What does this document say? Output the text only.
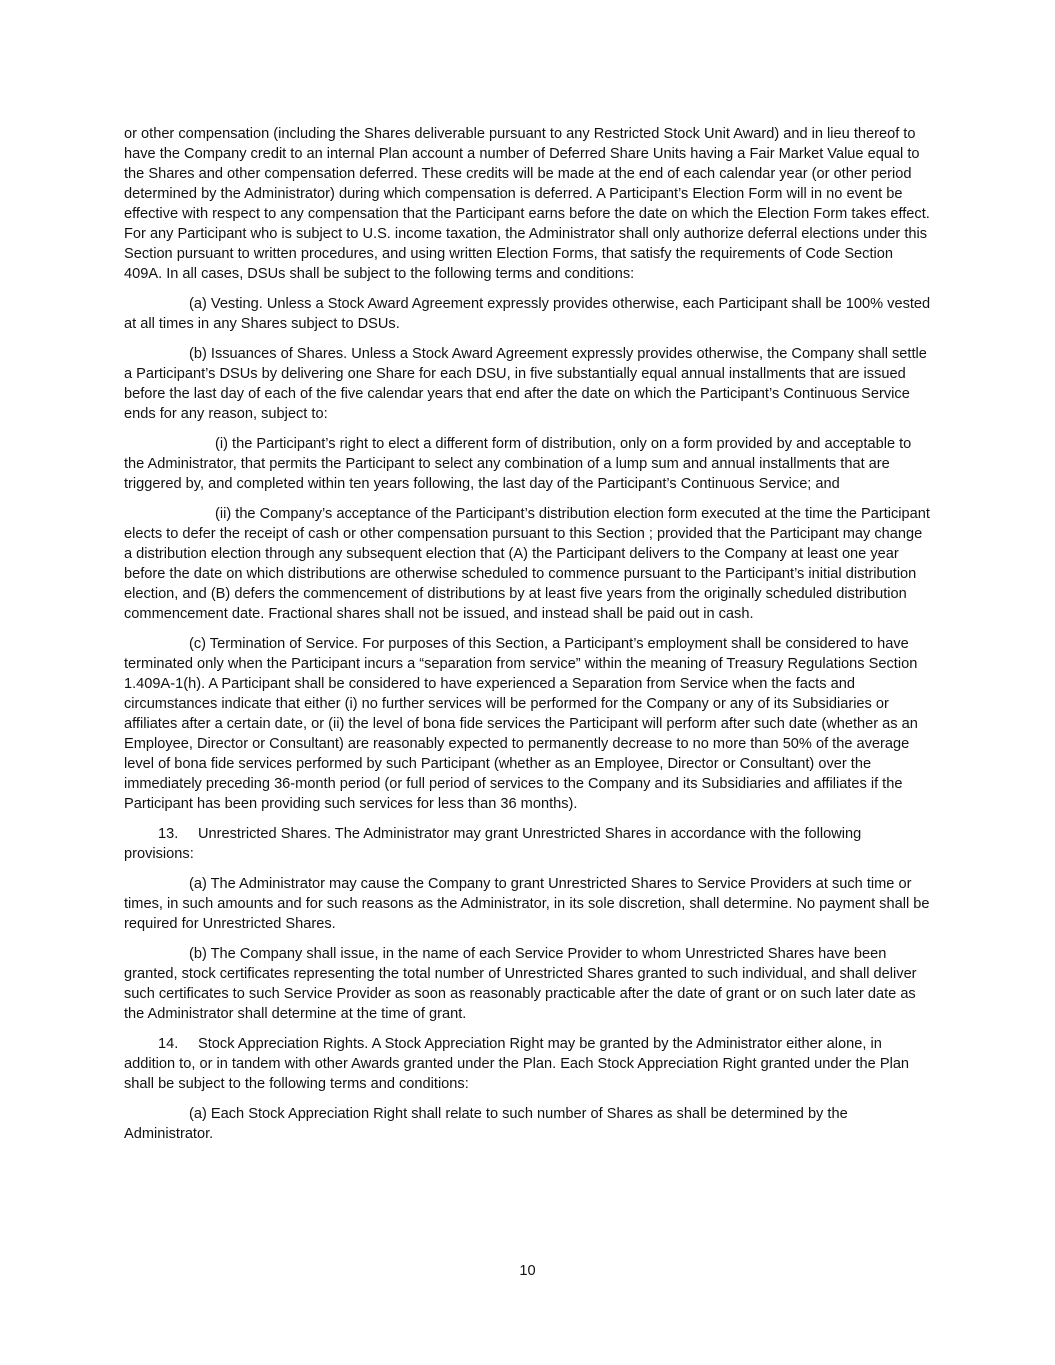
or other compensation (including the Shares deliverable pursuant to any Restricted Stock Unit Award) and in lieu thereof to have the Company credit to an internal Plan account a number of Deferred Share Units having a Fair Market Value equal to the Shares and other compensation deferred. These credits will be made at the end of each calendar year (or other period determined by the Administrator) during which compensation is deferred. A Participant’s Election Form will in no event be effective with respect to any compensation that the Participant earns before the date on which the Election Form takes effect. For any Participant who is subject to U.S. income taxation, the Administrator shall only authorize deferral elections under this Section pursuant to written procedures, and using written Election Forms, that satisfy the requirements of Code Section 409A. In all cases, DSUs shall be subject to the following terms and conditions:

(a) Vesting. Unless a Stock Award Agreement expressly provides otherwise, each Participant shall be 100% vested at all times in any Shares subject to DSUs.

(b) Issuances of Shares. Unless a Stock Award Agreement expressly provides otherwise, the Company shall settle a Participant’s DSUs by delivering one Share for each DSU, in five substantially equal annual installments that are issued before the last day of each of the five calendar years that end after the date on which the Participant’s Continuous Service ends for any reason, subject to:

(i) the Participant’s right to elect a different form of distribution, only on a form provided by and acceptable to the Administrator, that permits the Participant to select any combination of a lump sum and annual installments that are triggered by, and completed within ten years following, the last day of the Participant’s Continuous Service; and

(ii) the Company’s acceptance of the Participant’s distribution election form executed at the time the Participant elects to defer the receipt of cash or other compensation pursuant to this Section ; provided that the Participant may change a distribution election through any subsequent election that (A) the Participant delivers to the Company at least one year before the date on which distributions are otherwise scheduled to commence pursuant to the Participant’s initial distribution election, and (B) defers the commencement of distributions by at least five years from the originally scheduled distribution commencement date. Fractional shares shall not be issued, and instead shall be paid out in cash.

(c) Termination of Service. For purposes of this Section, a Participant’s employment shall be considered to have terminated only when the Participant incurs a “separation from service” within the meaning of Treasury Regulations Section 1.409A-1(h). A Participant shall be considered to have experienced a Separation from Service when the facts and circumstances indicate that either (i) no further services will be performed for the Company or any of its Subsidiaries or affiliates after a certain date, or (ii) the level of bona fide services the Participant will perform after such date (whether as an Employee, Director or Consultant) are reasonably expected to permanently decrease to no more than 50% of the average level of bona fide services performed by such Participant (whether as an Employee, Director or Consultant) over the immediately preceding 36-month period (or full period of services to the Company and its Subsidiaries and affiliates if the Participant has been providing such services for less than 36 months).

13. Unrestricted Shares. The Administrator may grant Unrestricted Shares in accordance with the following provisions:

(a) The Administrator may cause the Company to grant Unrestricted Shares to Service Providers at such time or times, in such amounts and for such reasons as the Administrator, in its sole discretion, shall determine. No payment shall be required for Unrestricted Shares.

(b) The Company shall issue, in the name of each Service Provider to whom Unrestricted Shares have been granted, stock certificates representing the total number of Unrestricted Shares granted to such individual, and shall deliver such certificates to such Service Provider as soon as reasonably practicable after the date of grant or on such later date as the Administrator shall determine at the time of grant.

14. Stock Appreciation Rights. A Stock Appreciation Right may be granted by the Administrator either alone, in addition to, or in tandem with other Awards granted under the Plan. Each Stock Appreciation Right granted under the Plan shall be subject to the following terms and conditions:

(a) Each Stock Appreciation Right shall relate to such number of Shares as shall be determined by the Administrator.

10
